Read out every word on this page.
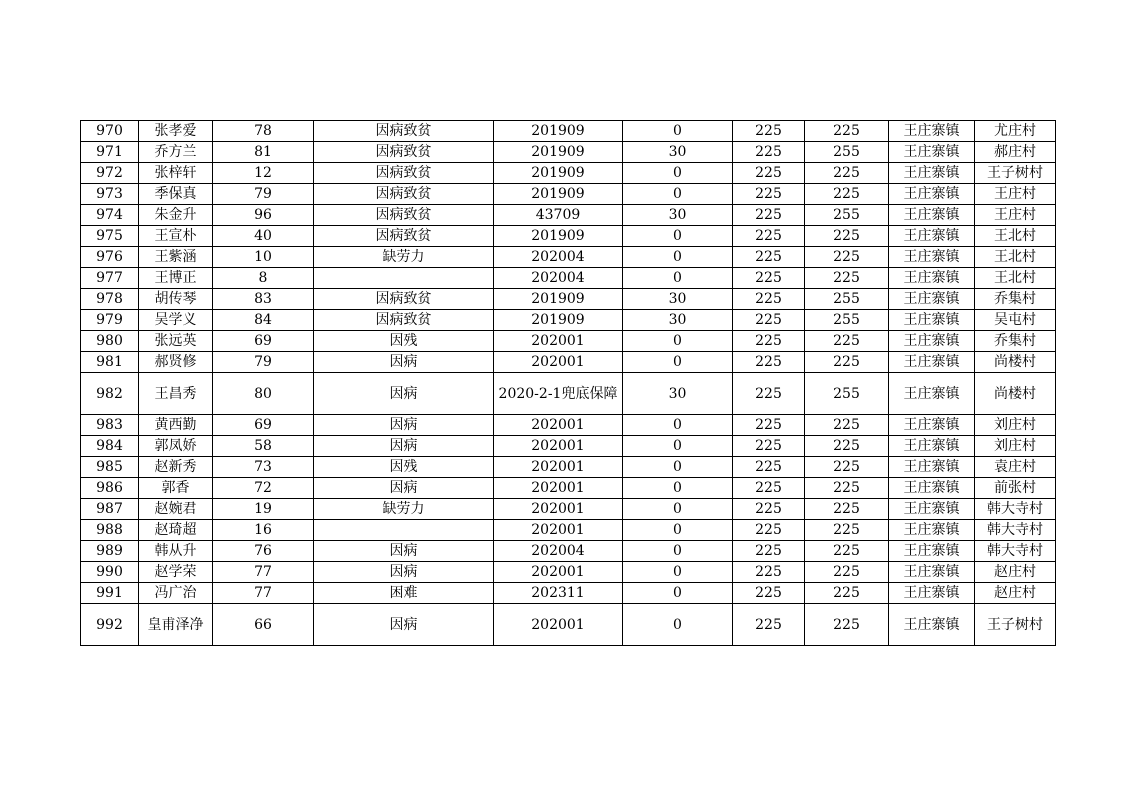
970	张孝爱	78	因病致贫	201909	0	225	225	王庄寨镇	尤庄村
971	乔方兰	81	因病致贫	201909	30	225	255	王庄寨镇	郝庄村
972	张梓轩	12	因病致贫	201909	0	225	225	王庄寨镇	王子树村
973	季保真	79	因病致贫	201909	0	225	225	王庄寨镇	王庄村
974	朱金升	96	因病致贫	43709	30	225	255	王庄寨镇	王庄村
975	王宣朴	40	因病致贫	201909	0	225	225	王庄寨镇	王北村
976	王紫涵	10	缺劳力	202004	0	225	225	王庄寨镇	王北村
977	王博正	8		202004	0	225	225	王庄寨镇	王北村
978	胡传琴	83	因病致贫	201909	30	225	255	王庄寨镇	乔集村
979	吴学义	84	因病致贫	201909	30	225	255	王庄寨镇	吴屯村
980	张远英	69	因残	202001	0	225	225	王庄寨镇	乔集村
981	郝贤修	79	因病	202001	0	225	225	王庄寨镇	尚楼村
982	王昌秀	80	因病	2020-2-1兜底保障	30	225	255	王庄寨镇	尚楼村
983	黄西勤	69	因病	202001	0	225	225	王庄寨镇	刘庄村
984	郭凤娇	58	因病	202001	0	225	225	王庄寨镇	刘庄村
985	赵新秀	73	因残	202001	0	225	225	王庄寨镇	袁庄村
986	郭香	72	因病	202001	0	225	225	王庄寨镇	前张村
987	赵婉君	19	缺劳力	202001	0	225	225	王庄寨镇	韩大寺村
988	赵琦超	16		202001	0	225	225	王庄寨镇	韩大寺村
989	韩从升	76	因病	202004	0	225	225	王庄寨镇	韩大寺村
990	赵学荣	77	因病	202001	0	225	225	王庄寨镇	赵庄村
991	冯广治	77	困难	202311	0	225	225	王庄寨镇	赵庄村
992	皇甫泽净	66	因病	202001	0	225	225	王庄寨镇	王子树村
